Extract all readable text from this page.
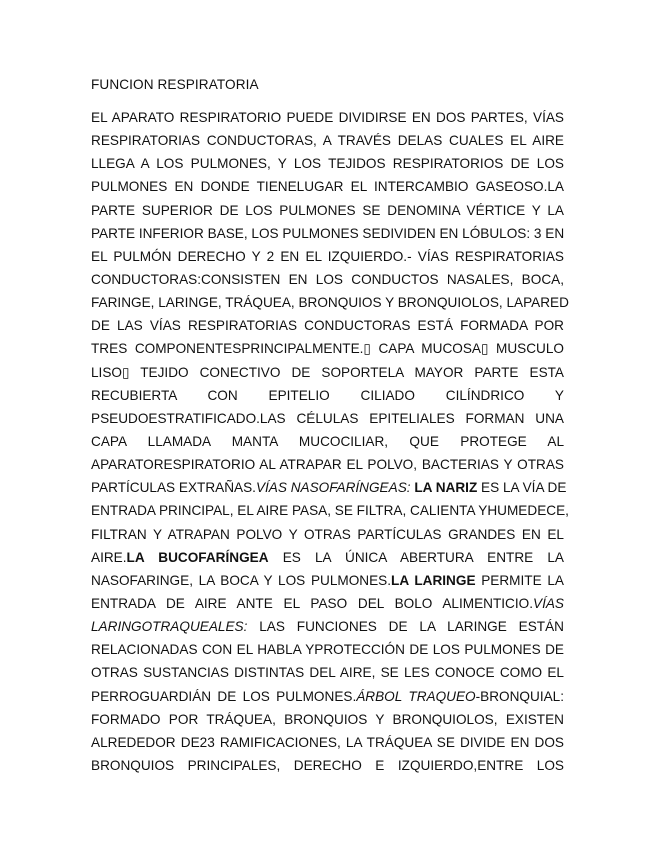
FUNCION RESPIRATORIA
EL APARATO RESPIRATORIO PUEDE DIVIDIRSE EN DOS PARTES, VÍAS
RESPIRATORIAS CONDUCTORAS, A TRAVÉS DELAS CUALES EL AIRE
LLEGA A LOS PULMONES, Y LOS TEJIDOS RESPIRATORIOS DE LOS
PULMONES EN DONDE TIENELUGAR EL INTERCAMBIO GASEOSO.LA
PARTE SUPERIOR DE LOS PULMONES SE DENOMINA VÉRTICE Y LA
PARTE INFERIOR BASE, LOS PULMONES SEDIVIDEN EN LÓBULOS: 3 EN
EL PULMÓN DERECHO Y 2 EN EL IZQUIERDO.- VÍAS RESPIRATORIAS
CONDUCTORAS:CONSISTEN EN LOS CONDUCTOS NASALES, BOCA,
FARINGE, LARINGE, TRÁQUEA, BRONQUIOS Y BRONQUIOLOS, LAPARED
DE LAS VÍAS RESPIRATORIAS CONDUCTORAS ESTÁ FORMADA POR
TRES COMPONENTESPRINCIPALMENTE.▯ CAPA MUCOSA▯ MUSCULO
LISO▯ TEJIDO CONECTIVO DE SOPORTELA MAYOR PARTE ESTA
RECUBIERTA CON EPITELIO CILIADO CILÍNDRICO Y
PSEUDOESTRATIFICADO.LAS CÉLULAS EPITELIALES FORMAN UNA
CAPA LLAMADA MANTA MUCOCILIAR, QUE PROTEGE AL
APARATORESPIRATORIO AL ATRAPAR EL POLVO, BACTERIAS Y OTRAS
PARTÍCULAS EXTRAÑAS.VÍAS NASOFARÍNGEAS: LA NARIZ ES LA VÍA DE
ENTRADA PRINCIPAL, EL AIRE PASA, SE FILTRA, CALIENTA YHUMEDECE,
FILTRAN Y ATRAPAN POLVO Y OTRAS PARTÍCULAS GRANDES EN EL
AIRE.LA BUCOFARÍNGEA ES LA ÚNICA ABERTURA ENTRE LA
NASOFARINGE, LA BOCA Y LOS PULMONES.LA LARINGE PERMITE LA
ENTRADA DE AIRE ANTE EL PASO DEL BOLO ALIMENTICIO.VÍAS
LARINGOTRAQUEALES: LAS FUNCIONES DE LA LARINGE ESTÁN
RELACIONADAS CON EL HABLA YPROTECCIÓN DE LOS PULMONES DE
OTRAS SUSTANCIAS DISTINTAS DEL AIRE, SE LES CONOCE COMO EL
PERROGUARDIÁN DE LOS PULMONES.ÁRBOL TRAQUEO-BRONQUIAL:
FORMADO POR TRÁQUEA, BRONQUIOS Y BRONQUIOLOS, EXISTEN
ALREDEDOR DE23 RAMIFICACIONES, LA TRÁQUEA SE DIVIDE EN DOS
BRONQUIOS PRINCIPALES, DERECHO E IZQUIERDO,ENTRE LOS
